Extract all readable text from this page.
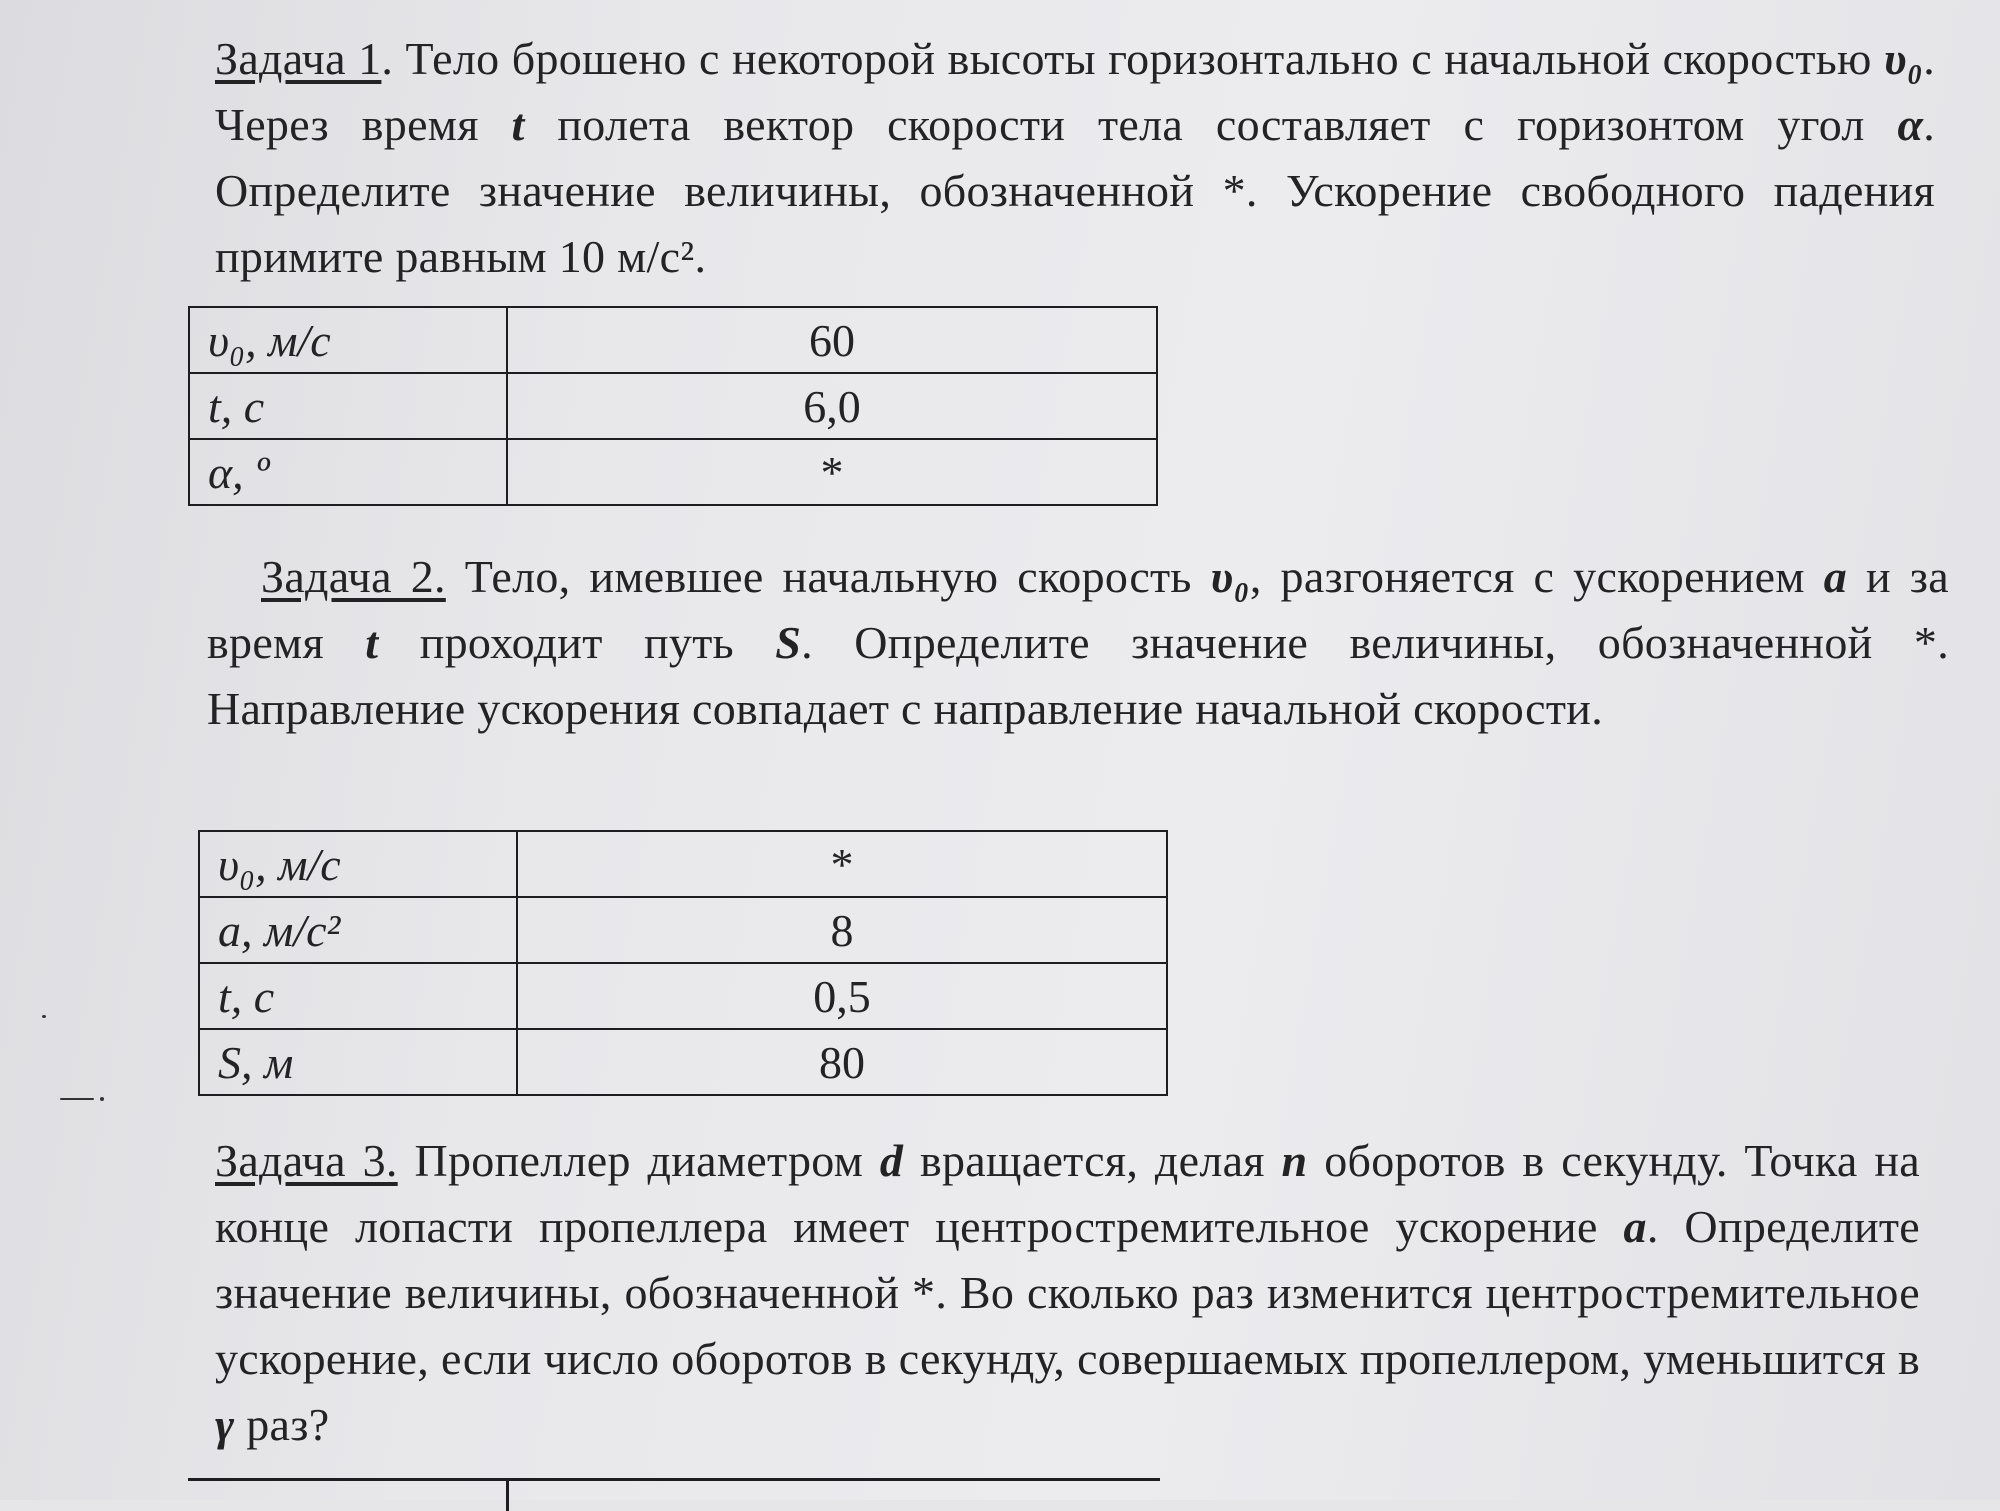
Задача 1. Тело брошено с некоторой высоты горизонтально с начальной скоростью υ₀. Через время t полета вектор скорости тела составляет с горизонтом угол α. Определите значение величины, обозначенной *. Ускорение свободного падения примите равным 10 м/с².
υ₀, м/с	60
t, с	6,0
α, º	*
Задача 2. Тело, имевшее начальную скорость υ₀, разгоняется с ускорением a и за время t проходит путь S. Определите значение величины, обозначенной *. Направление ускорения совпадает с направление начальной скорости.
υ₀, м/с	*
a, м/с²	8
t, с	0,5
S, м	80
Задача 3. Пропеллер диаметром d вращается, делая n оборотов в секунду. Точка на конце лопасти пропеллера имеет центростремительное ускорение a. Определите значение величины, обозначенной *. Во сколько раз изменится центростремительное ускорение, если число оборотов в секунду, совершаемых пропеллером, уменьшится в γ раз?
